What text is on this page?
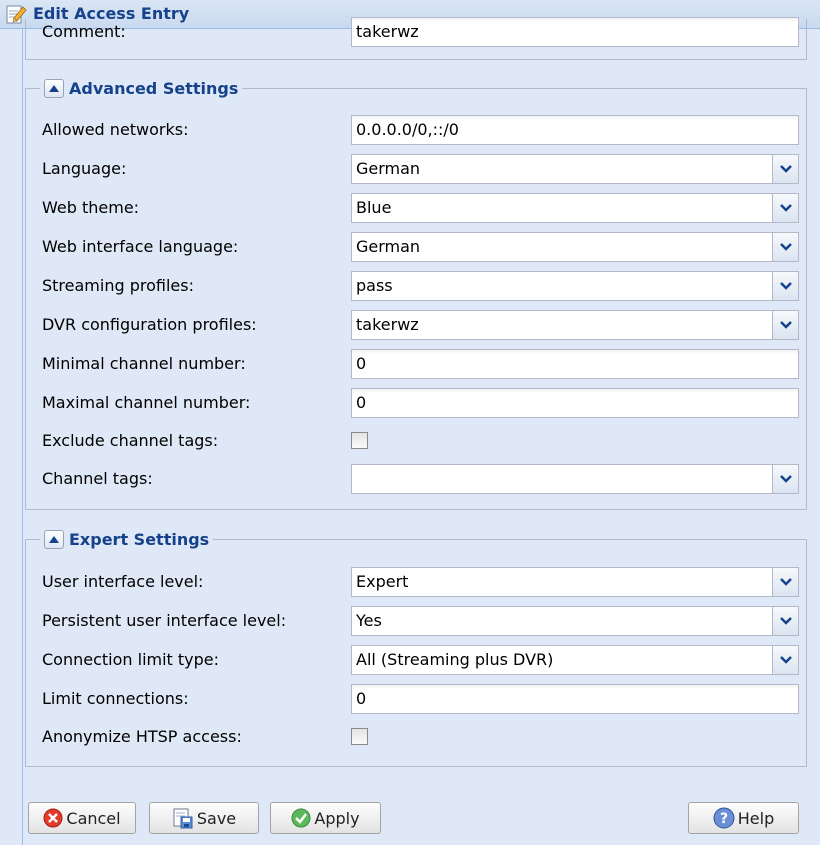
Edit Access Entry
Comment:	takerwz
Advanced Settings
Allowed networks:	0.0.0.0/0,::/0
Language:	German
Web theme:	Blue
Web interface language:	German
Streaming profiles:	pass
DVR configuration profiles:	takerwz
Minimal channel number:	0
Maximal channel number:	0
Exclude channel tags:
Channel tags:
Expert Settings
User interface level:	Expert
Persistent user interface level:	Yes
Connection limit type:	All (Streaming plus DVR)
Limit connections:	0
Anonymize HTSP access:
Cancel	Save	Apply	? Help
